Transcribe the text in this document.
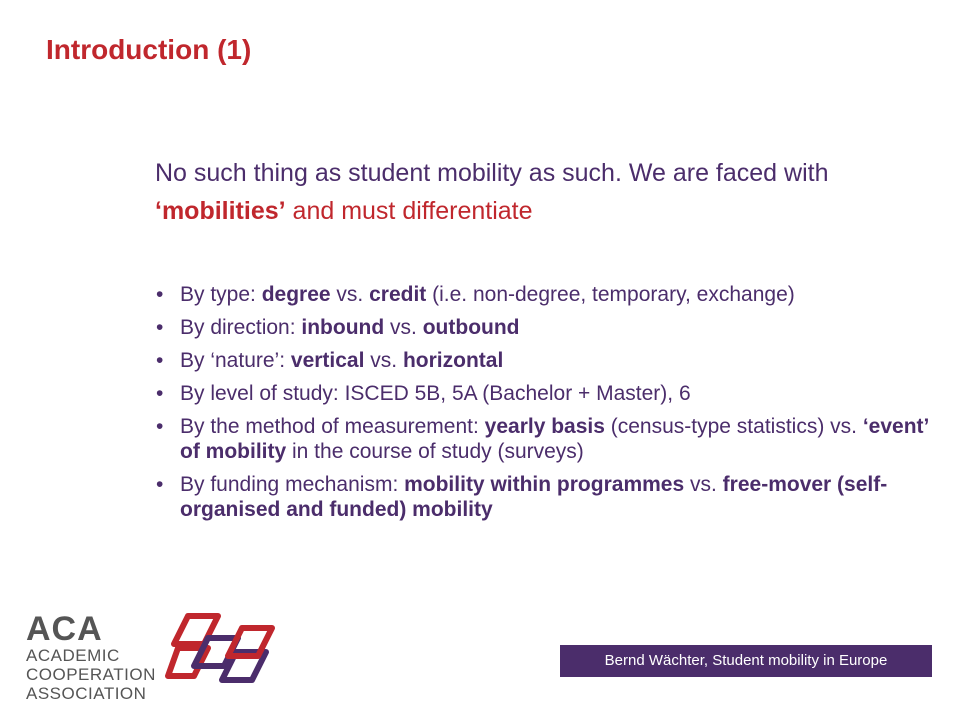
Introduction (1)
No such thing as student mobility as such. We are faced with ‘mobilities’ and must differentiate
• By type: degree vs. credit (i.e. non-degree, temporary, exchange)
• By direction: inbound vs. outbound
• By ‘nature’: vertical vs. horizontal
• By level of study: ISCED 5B, 5A (Bachelor + Master), 6
• By the method of measurement: yearly basis (census-type statistics) vs. ‘event’ of mobility in the course of study (surveys)
• By funding mechanism: mobility within programmes vs. free-mover (self-organised and funded) mobility
ACA
ACADEMIC
COOPERATION
ASSOCIATION
Bernd Wächter, Student mobility in Europe
